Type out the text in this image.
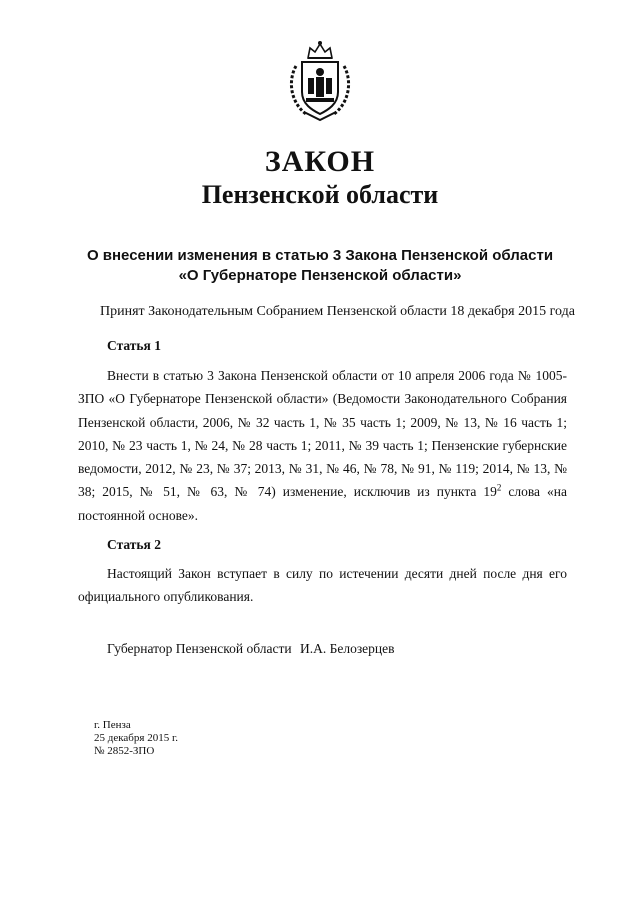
ЗАКОН
Пензенской области
О внесении изменения в статью 3 Закона Пензенской области
«О Губернаторе Пензенской области»
Принят Законодательным Собранием Пензенской области 18 декабря 2015 года
Статья 1
Внести в статью 3 Закона Пензенской области от 10 апреля 2006 года № 1005-ЗПО «О Губернаторе Пензенской области» (Ведомости Законодательного Собрания Пензенской области, 2006, № 32 часть 1, № 35 часть 1; 2009, № 13, № 16 часть 1; 2010, № 23 часть 1, № 24, № 28 часть 1; 2011, № 39 часть 1; Пензенские губернские ведомости, 2012, № 23, № 37; 2013, № 31, № 46, № 78, № 91, № 119; 2014, № 13, № 38; 2015, № 51, № 63, № 74) изменение, исключив из пункта $19^2$ слова «на постоянной основе».
Статья 2
Настоящий Закон вступает в силу по истечении десяти дней после дня его официального опубликования.
Губернатор Пензенской области И.А. Белозерцев
г. Пенза
25 декабря 2015 г.
№ 2852-ЗПО
